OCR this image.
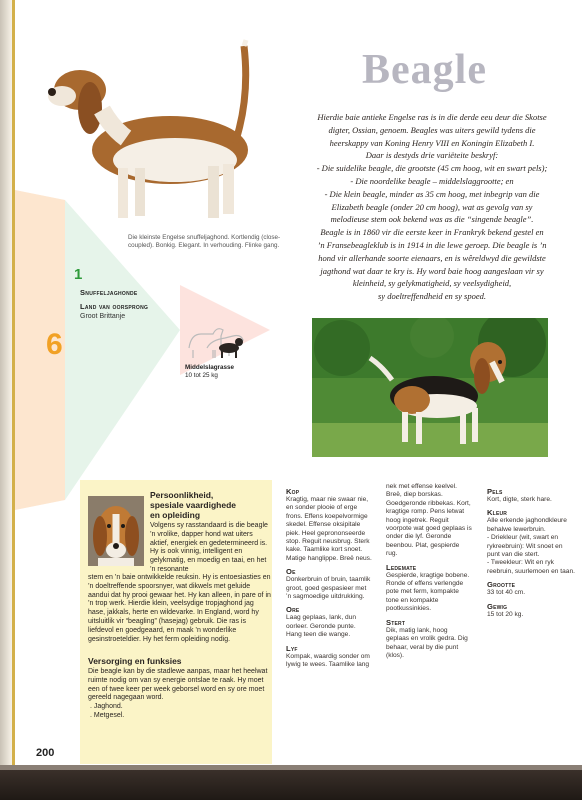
Die kleinste Engelse snuffeljaghond. Kortlendig (close-coupled). Bonkig. Elegant. In verhouding. Flinke gang.
Beagle

Hierdie baie antieke Engelse ras is in die derde eeu deur die Skotse

digter, Ossian, genoem. Beagles was uiters gewild tydens die

heerskappy van Koning Henry VIII en Koningin Elizabeth I.

Daar is destyds drie variëteite beskryf:

- Die suidelike beagle, die grootste (45 cm hoog, wit en swart pels);

- Die noordelike beagle – middelslaggrootte; en

- Die klein beagle, minder as 35 cm hoog, met inbegrip van die

Elizabeth beagle (onder 20 cm hoog), wat as gevolg van sy

melodieuse stem ook bekend was as die “singende beagle”.

Beagle is in 1860 vir die eerste keer in Frankryk bekend gestel en

’n Fransebeagleklub is in 1914 in die lewe geroep. Die beagle is ’n

hond vir allerhande soorte eienaars, en is wêreldwyd die gewildste

jagthond wat daar te kry is. Hy word baie hoog aangeslaan vir sy

kleinheid, sy gelykmatigheid, sy veelsydigheid,

sy doeltreffendheid en sy spoed.

1
Snuffeljaghonde
Land van oorsprong
Groot Brittanje
6
Middelslagrasse
10 tot 25 kg
Persoonlikheid,
spesiale vaardighede
en opleiding
Volgens sy rasstandaard is die beagle ’n vrolike, dapper hond wat uiters aktief, energiek en gedetermineerd is. Hy is ook vinnig, intelligent en gelykmatig, en moedig en taai, en het ’n resonante
stem en ’n baie ontwikkelde reuksin. Hy is entoesiasties en ’n doeltreffende spoorsnyer, wat dikwels met geluide aandui dat hy prooi gewaar het. Hy kan alleen, in pare of in ’n trop werk. Hierdie klein, veelsydige tropjaghond jag hase, jakkals, herte en wildevarke. In England, word hy uitsluitlik vir “beagling” (hasejag) gebruik. Die ras is liefdevol en goedgeaard, en maak ’n wonderlike gesinstroeteldier. Hy het ferm opleiding nodig.
Versorging en funksies
Die beagle kan by die stadlewe aanpas, maar het heelwat ruimte nodig om van sy energie ontslae te raak. Hy moet een of twee keer per week geborsel word en sy ore moet gereeld nagegaan word.
. Jaghond.
. Metgesel.
200
Kop

Kragtig, maar nie swaar nie, en sonder plooie of erge frons. Effens koepelvormige skedel. Effense oksipitale piek. Heel geprononseerde stop. Reguit neusbrug. Sterk kake. Taamlike kort snoet. Matige hanglippe. Breë neus.

Oe

Donkerbruin of bruin, taamlik groot, goed gespasieer met ’n sagmoedige uitdrukking.

Ore

Laag geplaas, lank, dun oorleer. Geronde punte. Hang teen die wange.

Lyf

Kompak, waardig sonder om lywig te wees. Taamlike lang

nek met effense keelvel. Breë, diep borskas. Goedgeronde ribbekas. Kort, kragtige romp. Pens letwat hoog ingetrek. Reguit voorpote wat goed geplaas is onder die lyf. Geronde beenbou. Plat, gespierde rug.

Ledemate

Gespierde, kragtige bobene. Ronde of effens verlengde pote met ferm, kompakte tone en kompakte pootkussinkies.

Stert

Dik, matig lank, hoog geplaas en vrolik gedra. Dig behaar, veral by die punt (klos).

Pels

Kort, digte, sterk hare.

Kleur

Alle erkende jaghondkleure behalwe lewerbruin.

- Driekleur (wit, swart en rykreebruin): Wit snoet en punt van die stert.

- Tweekleur: Wit en ryk reebruin, suurlemoen en taan.

Grootte

33 tot 40 cm.

Gewig

15 tot 20 kg.
